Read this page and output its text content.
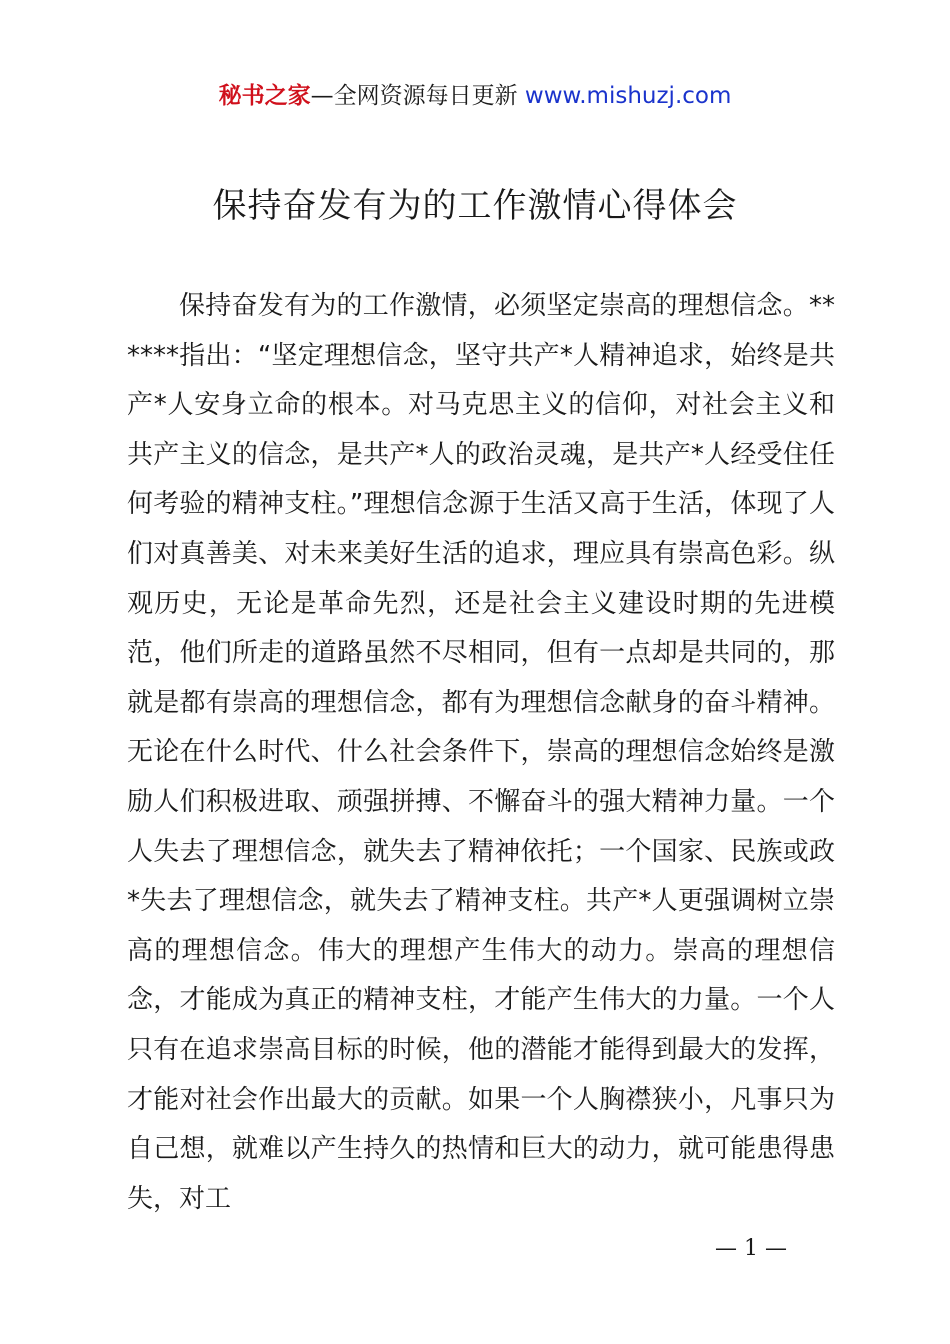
秘书之家—全网资源每日更新 www.mishuzj.com
保持奋发有为的工作激情心得体会

保持奋发有为的工作激情，必须坚定崇高的理想信念。******指出：“坚定理想信念，坚守共产*人精神追求，始终是共产*人安身立命的根本。对马克思主义的信仰，对社会主义和共产主义的信念，是共产*人的政治灵魂，是共产*人经受住任何考验的精神支柱。”理想信念源于生活又高于生活，体现了人们对真善美、对未来美好生活的追求，理应具有崇高色彩。纵观历史，无论是革命先烈，还是社会主义建设时期的先进模范，他们所走的道路虽然不尽相同，但有一点却是共同的，那就是都有崇高的理想信念，都有为理想信念献身的奋斗精神。无论在什么时代、什么社会条件下，崇高的理想信念始终是激励人们积极进取、顽强拼搏、不懈奋斗的强大精神力量。一个人失去了理想信念，就失去了精神依托；一个国家、民族或政*失去了理想信念，就失去了精神支柱。共产*人更强调树立崇高的理想信念。伟大的理想产生伟大的动力。崇高的理想信念，才能成为真正的精神支柱，才能产生伟大的力量。一个人只有在追求崇高目标的时候，他的潜能才能得到最大的发挥，才能对社会作出最大的贡献。如果一个人胸襟狭小，凡事只为自己想，就难以产生持久的热情和巨大的动力，就可能患得患失，对工

— 1 —
